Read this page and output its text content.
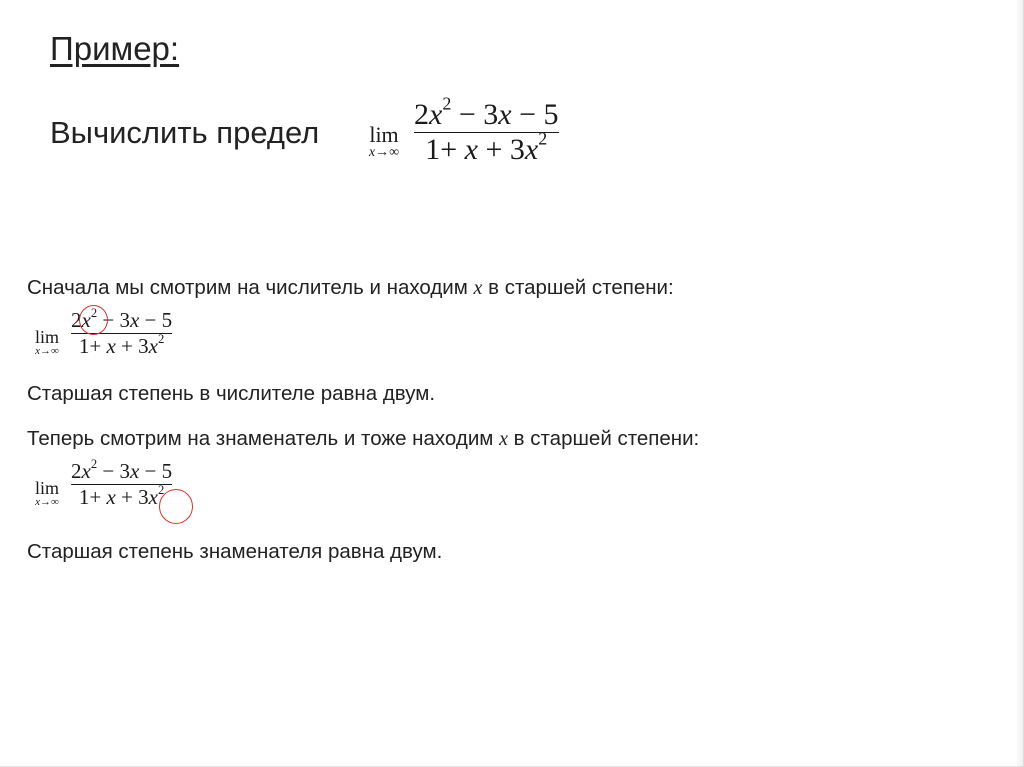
Пример:
Вычислить предел	lim
x→∞
$2x^2 - 3x - 5$
$1+ x + 3x^2$
Сначала мы смотрим на числитель и находим x в старшей степени:
lim
x→∞
$2x^2 - 3x - 5$
$1+ x + 3x^2$
Старшая степень в числителе равна двум.
Теперь смотрим на знаменатель и тоже находим x в старшей степени:
lim
x→∞
$2x^2 - 3x - 5$
$1+ x + 3x^2$
Старшая степень знаменателя равна двум.
